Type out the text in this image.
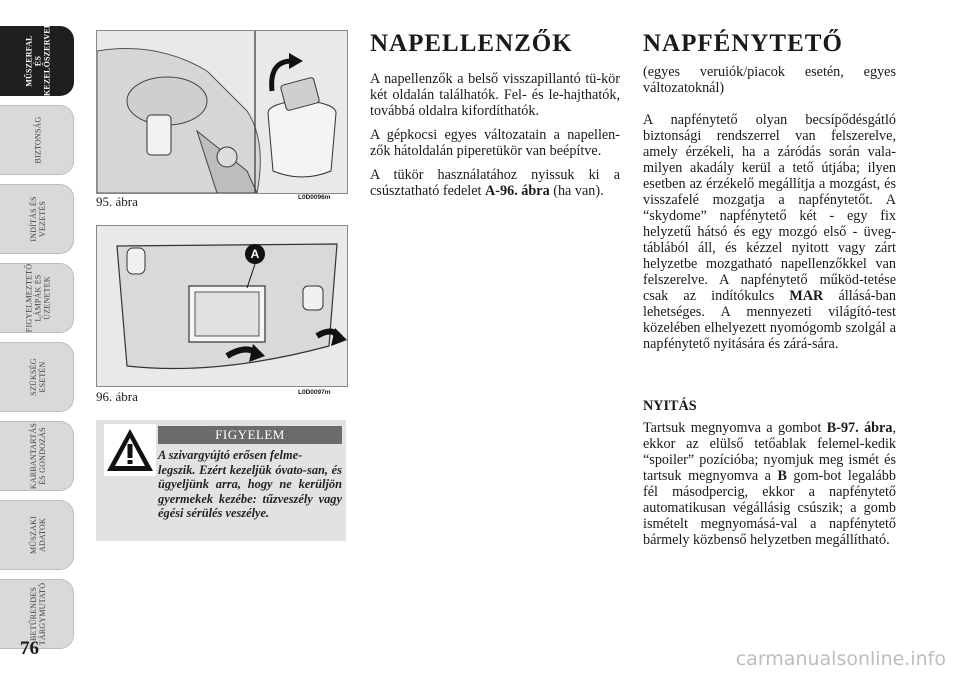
MŰSZERFAL
ÉS
KEZELŐSZERVEK
BIZTONSÁG
INDÍTÁS ÉS
VEZETÉS
FIGYELMEZTETŐ
LÁMPÁK ÉS
ÜZENETEK
SZÜKSÉG
ESETÉN
KARBANTARTÁS
ÉS GONDOZÁS
MŰSZAKI
ADATOK
BETŰRENDES
TÁRGYMUTATÓ
76
95. ábra	L0D0096m
A
96. ábra	L0D0097m
FIGYELEM
A szivargyújtó erősen felme-
legszik. Ezért kezeljük óvato-san, és ügyeljünk arra, hogy ne kerüljön gyermekek kezébe: tűzveszély vagy égési sérülés veszélye.
NAPELLENZŐK

A napellenzők a belső visszapillantó tü-kör két oldalán találhatók. Fel- és le-hajthatók, továbbá oldalra kifordíthatók.

A gépkocsi egyes változatain a napellen-zők hátoldalán piperetükör van beépítve.

A tükör használatához nyissuk ki a csúsztatható fedelet A-96. ábra (ha van).

NAPFÉNYTETŐ
(egyes veruiók/piacok esetén, egyes változatoknál)

A napfénytető olyan becsípődésgátló biztonsági rendszerrel van felszerelve, amely érzékeli, ha a záródás során vala-milyen akadály kerül a tető útjába; ilyen esetben az érzékelő megállítja a mozgást, és visszafelé mozgatja a napfénytetőt. A “skydome” napfénytető két - egy fix helyzetű hátsó és egy mozgó első - üveg-táblából áll, és kézzel nyitott vagy zárt helyzetbe mozgatható napellenzőkkel van felszerelve. A napfénytető működ-tetése csak az indítókulcs MAR állásá-ban lehetséges. A mennyezeti világító-test közelében elhelyezett nyomógomb szolgál a napfénytető nyitására és zárá-sára.

NYITÁS

Tartsuk megnyomva a gombot B-97. ábra, ekkor az elülső tetőablak felemel-kedik “spoiler” pozícióba; nyomjuk meg ismét és tartsuk megnyomva a B gom-bot legalább fél másodpercig, ekkor a napfénytető automatikusan végállásig csúszik; a gomb ismételt megnyomásá-val a napfénytető bármely közbenső helyzetben megállítható.

carmanualsonline.info
